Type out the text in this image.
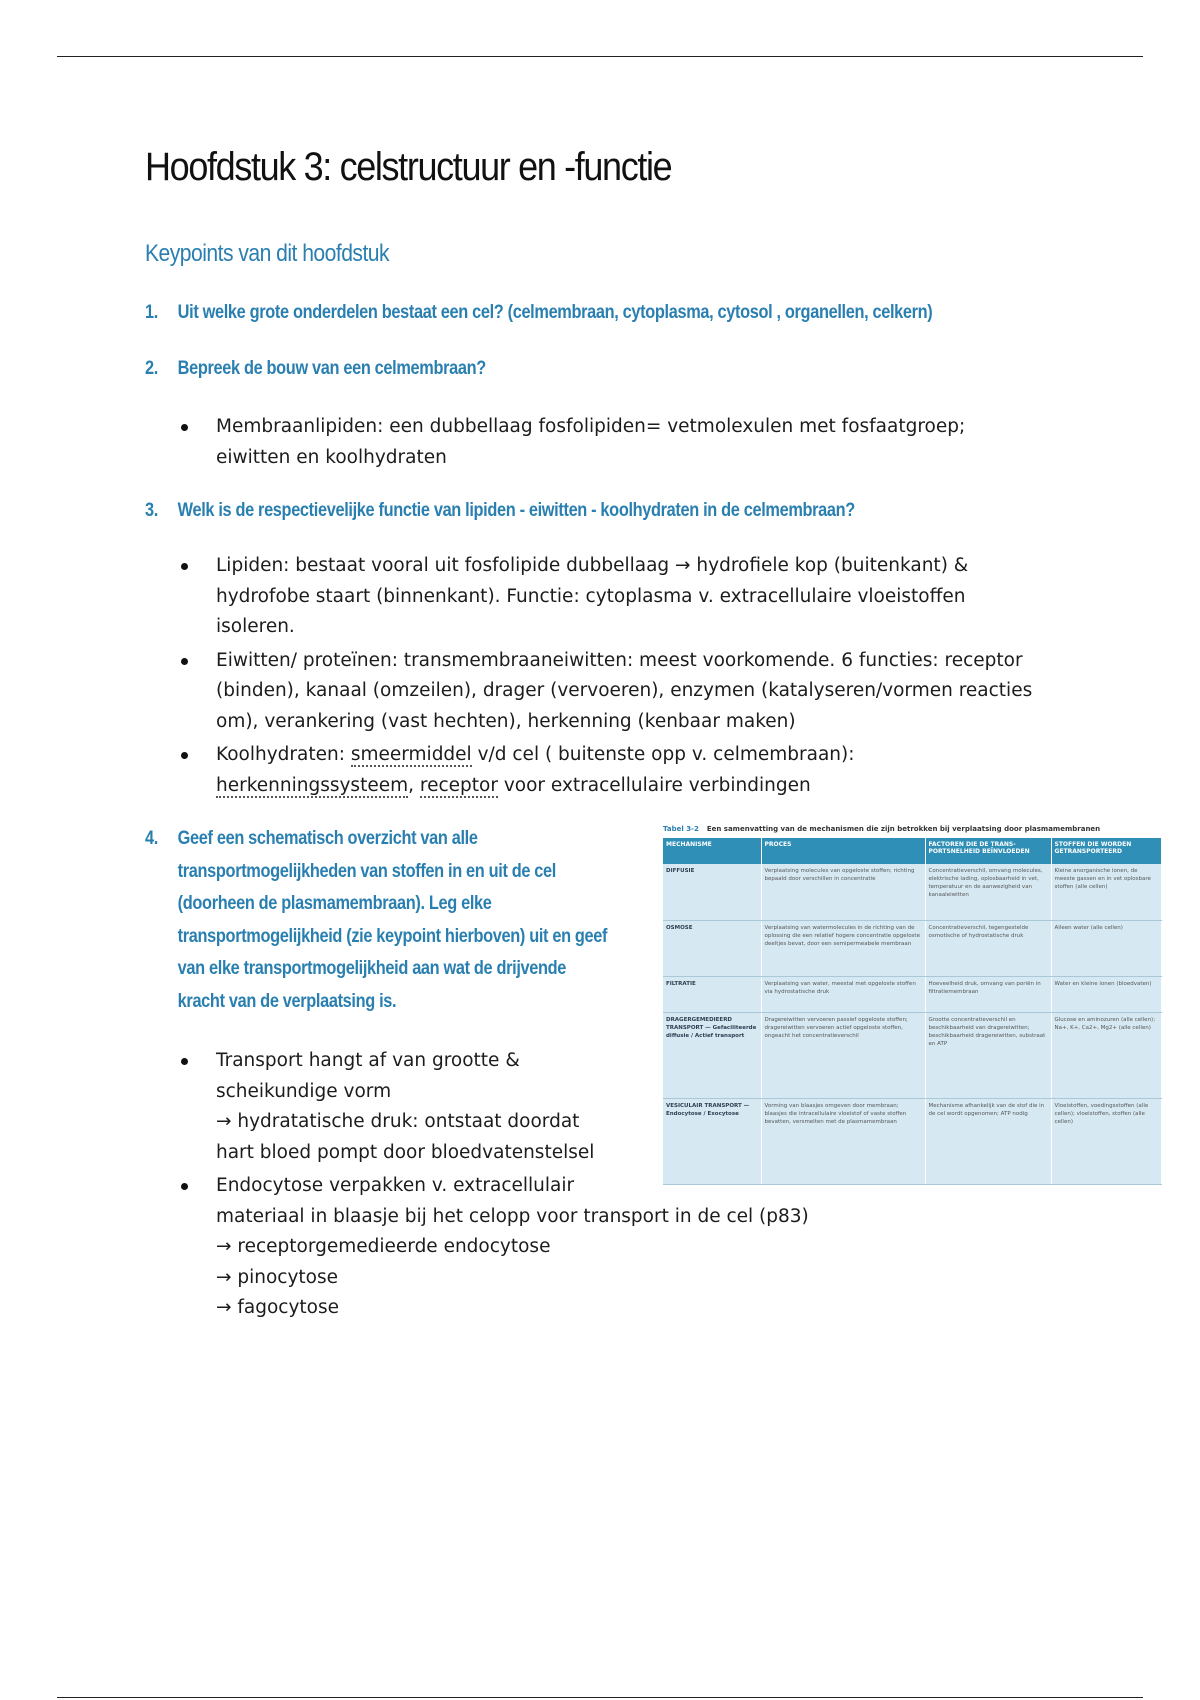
Hoofdstuk 3: celstructuur en -functie
Keypoints van dit hoofdstuk

1. Uit welke grote onderdelen bestaat een cel? (celmembraan, cytoplasma, cytosol , organellen, celkern)

2. Bepreek de bouw van een celmembraan?

Membraanlipiden: een dubbellaag fosfolipiden= vetmolexulen met fosfaatgroep; eiwitten en koolhydraten

3. Welk is de respectievelijke functie van lipiden - eiwitten - koolhydraten in de celmembraan?

Lipiden: bestaat vooral uit fosfolipide dubbellaag → hydrofiele kop (buitenkant) & hydrofobe staart (binnenkant). Functie: cytoplasma v. extracellulaire vloeistoffen isoleren.
Eiwitten/ proteïnen: transmembraaneiwitten: meest voorkomende. 6 functies: receptor (binden), kanaal (omzeilen), drager (vervoeren), enzymen (katalyseren/vormen reacties om), verankering (vast hechten), herkenning (kenbaar maken)
Koolhydraten: smeermiddel v/d cel ( buitenste opp v. celmembraan): herkenningssysteem, receptor voor extracellulaire verbindingen
4. Geef een schematisch overzicht van alle
transportmogelijkheden van stoffen in en uit de cel
(doorheen de plasmamembraan). Leg elke
transportmogelijkheid (zie keypoint hierboven) uit en geef
van elke transportmogelijkheid aan wat de drijvende
kracht van de verplaatsing is.
Transport hangt af van grootte &
scheikundige vorm
→ hydratatische druk: ontstaat doordat
hart bloed pompt door bloedvatenstelsel
Endocytose verpakken v. extracellulair
materiaal in blaasje bij het celopp voor transport in de cel (p83)
→ receptorgemedieerde endocytose
→ pinocytose
→ fagocytose
Tabel 3-2 Een samenvatting van de mechanismen die zijn betrokken bij verplaatsing door plasmamembranen
MECHANISME	PROCES	FACTOREN DIE DE TRANS-PORTSNELHEID BEÏNVLOEDEN	STOFFEN DIE WORDEN GETRANSPORTEERD
DIFFUSIE	Verplaatsing molecules van opgeloste stoffen; richting bepaald door verschillen in concentratie	Concentratieverschil, omvang molecules, elektrische lading, oplosbaarheid in vet, temperatuur en de aanwezigheid van kanaaleiwitten	Kleine anorganische ionen, de meeste gassen en in vet oplosbare stoffen (alle cellen)
OSMOSE	Verplaatsing van watermolecules in de richting van de oplossing die een relatief hogere concentratie opgeloste deeltjes bevat, door een semipermeabele membraan	Concentratieverschil, tegengestelde osmotische of hydrostatische druk	Alleen water (alle cellen)
FILTRATIE	Verplaatsing van water, meestal met opgeloste stoffen via hydrostatische druk	Hoeveelheid druk, omvang van poriën in filtratiemembraan	Water en kleine ionen (bloedvaten)
DRAGERGEMEDIEERD TRANSPORT — Gefaciliteerde diffusie / Actief transport	Dragereiwitten vervoeren passief opgeloste stoffen; dragereiwitten vervoeren actief opgeloste stoffen, ongeacht het concentratieverschil	Grootte concentratieverschil en beschikbaarheid van dragereiwitten; beschikbaarheid dragereiwitten, substraat en ATP	Glucose en aminozuren (alle cellen); Na+, K+, Ca2+, Mg2+ (alle cellen)
VESICULAIR TRANSPORT — Endocytose / Exocytose	Vorming van blaasjes omgeven door membraan; blaasjes die intracellulaire vloeistof of vaste stoffen bevatten, versmelten met de plasmamembraan	Mechanisme afhankelijk van de stof die in de cel wordt opgenomen; ATP nodig	Vloeistoffen, voedingsstoffen (alle cellen); vloeistoffen, stoffen (alle cellen)
